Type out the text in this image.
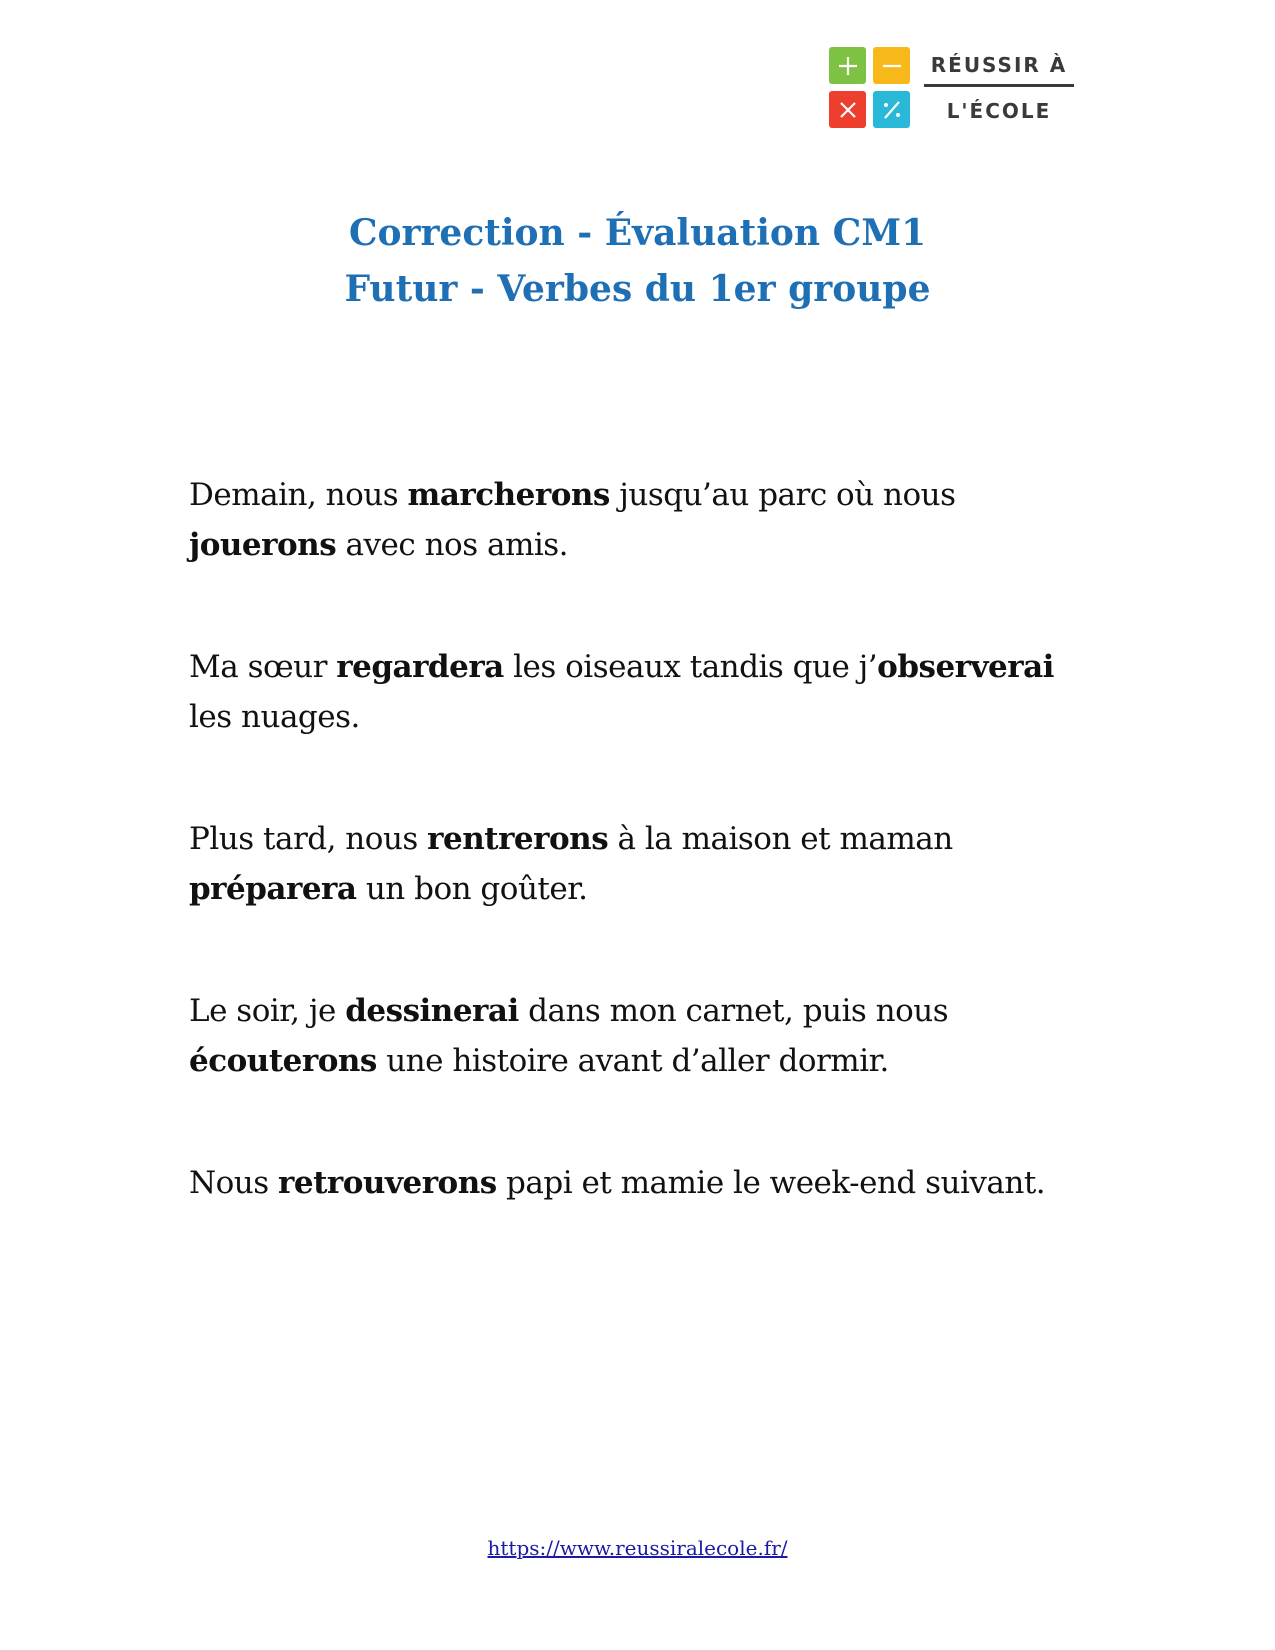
RÉUSSIR À
L'ÉCOLE
Correction - Évaluation CM1
Futur - Verbes du 1er groupe

Demain, nous marcherons jusqu’au parc où nous jouerons avec nos amis.

Ma sœur regardera les oiseaux tandis que j’observerai les nuages.

Plus tard, nous rentrerons à la maison et maman préparera un bon goûter.

Le soir, je dessinerai dans mon carnet, puis nous écouterons une histoire avant d’aller dormir.

Nous retrouverons papi et mamie le week-end suivant.

https://www.reussiralecole.fr/
